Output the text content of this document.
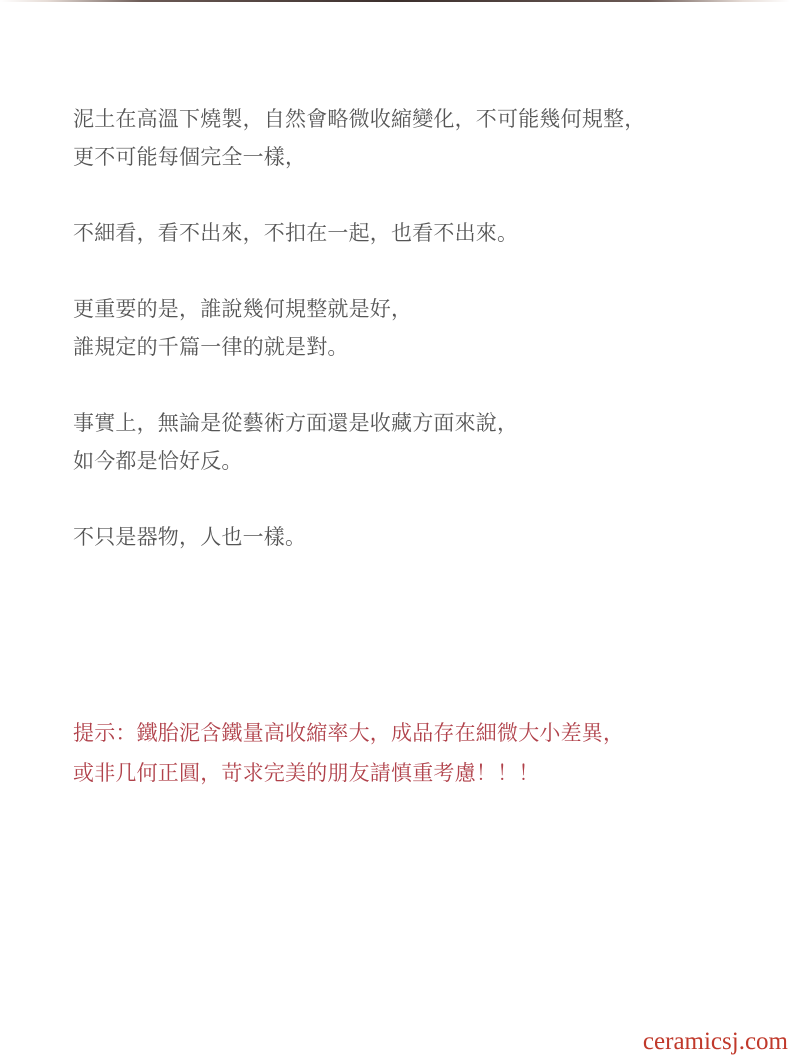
泥土在高溫下燒製，自然會略微收縮變化，不可能幾何規整，
更不可能每個完全一樣，
不細看，看不出來，不扣在一起，也看不出來。
更重要的是，誰說幾何規整就是好，
誰規定的千篇一律的就是對。
事實上，無論是從藝術方面還是收藏方面來說，
如今都是恰好反。
不只是器物，人也一樣。
提示：鐵胎泥含鐵量高收縮率大，成品存在細微大小差異，
或非几何正圓，苛求完美的朋友請慎重考慮！！！
ceramicsj.com
